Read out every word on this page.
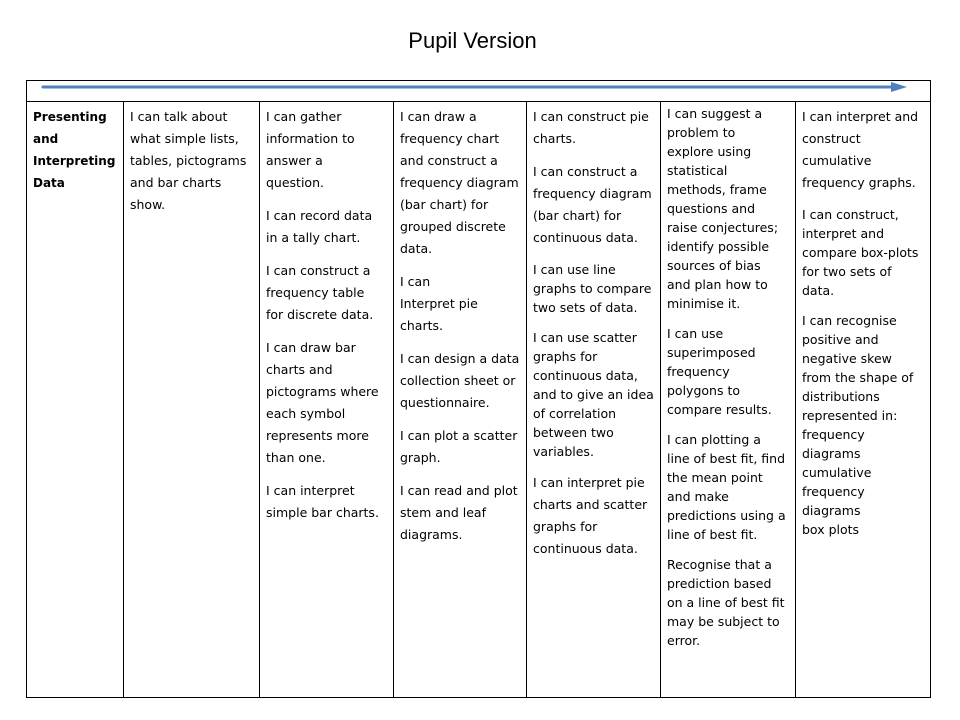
Pupil Version
Presenting
and
Interpreting
Data
I can talk about
what simple lists,
tables, pictograms
and bar charts
show.
I can gather
information to
answer a
question.
I can record data
in a tally chart.
I can construct a
frequency table
for discrete data.
I can draw bar
charts and
pictograms where
each symbol
represents more
than one.
I can interpret
simple bar charts.
I can draw a
frequency chart
and construct a
frequency diagram
(bar chart) for
grouped discrete
data.
I can
Interpret pie
charts.
I can design a data
collection sheet or
questionnaire.
I can plot a scatter
graph.
I can read and plot
stem and leaf
diagrams.
I can construct pie
charts.
I can construct a
frequency diagram
(bar chart) for
continuous data.
I can use line
graphs to compare
two sets of data.
I can use scatter
graphs for
continuous data,
and to give an idea
of correlation
between two
variables.
I can interpret pie
charts and scatter
graphs for
continuous data.
I can suggest a
problem to
explore using
statistical
methods, frame
questions and
raise conjectures;
identify possible
sources of bias
and plan how to
minimise it.
I can use
superimposed
frequency
polygons to
compare results.
I can plotting a
line of best fit, find
the mean point
and make
predictions using a
line of best fit.
Recognise that a
prediction based
on a line of best fit
may be subject to
error.
I can interpret and
construct
cumulative
frequency graphs.
I can construct,
interpret and
compare box-plots
for two sets of
data.
I can recognise
positive and
negative skew
from the shape of
distributions
represented in:
frequency
diagrams
cumulative
frequency
diagrams
box plots
